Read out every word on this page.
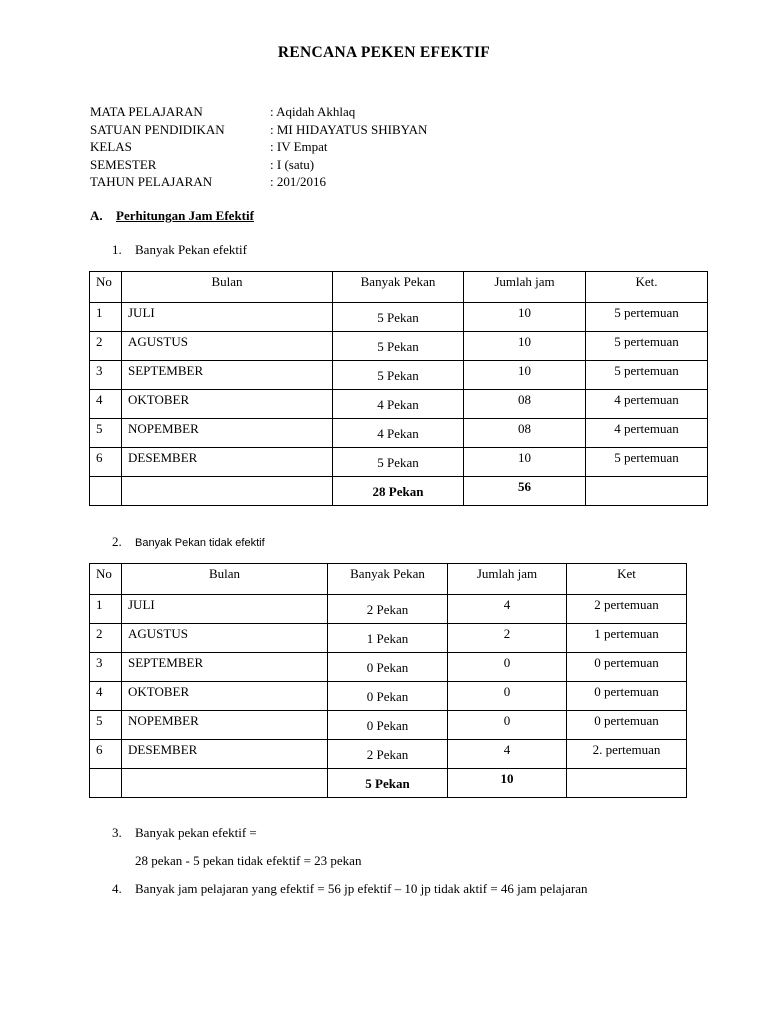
RENCANA PEKEN EFEKTIF
MATA PELAJARAN	: Aqidah Akhlaq
SATUAN PENDIDIKAN	: MI HIDAYATUS SHIBYAN
KELAS	: IV Empat
SEMESTER	: I (satu)
TAHUN PELAJARAN	: 201/2016
A. Perhitungan Jam Efektif
1. Banyak Pekan efektif
No	Bulan	Banyak Pekan	Jumlah jam	Ket.

1	JULI	5 Pekan	10	5 pertemuan

2	AGUSTUS	5 Pekan	10	5 pertemuan

3	SEPTEMBER	5 Pekan	10	5 pertemuan

4	OKTOBER	4 Pekan	08	4 pertemuan

5	NOPEMBER	4 Pekan	08	4 pertemuan

6	DESEMBER	5 Pekan	10	5 pertemuan

		28 Pekan	56	

2. Banyak Pekan tidak efektif
No	Bulan	Banyak Pekan	Jumlah jam	Ket

1	JULI	2 Pekan	4	2 pertemuan

2	AGUSTUS	1 Pekan	2	1 pertemuan

3	SEPTEMBER	0 Pekan	0	0 pertemuan

4	OKTOBER	0 Pekan	0	0 pertemuan

5	NOPEMBER	0 Pekan	0	0 pertemuan

6	DESEMBER	2 Pekan	4	2. pertemuan

		5 Pekan	10	

3. Banyak pekan efektif =
28 pekan - 5 pekan tidak efektif = 23 pekan
4. Banyak jam pelajaran yang efektif = 56 jp efektif – 10 jp tidak aktif = 46 jam pelajaran
